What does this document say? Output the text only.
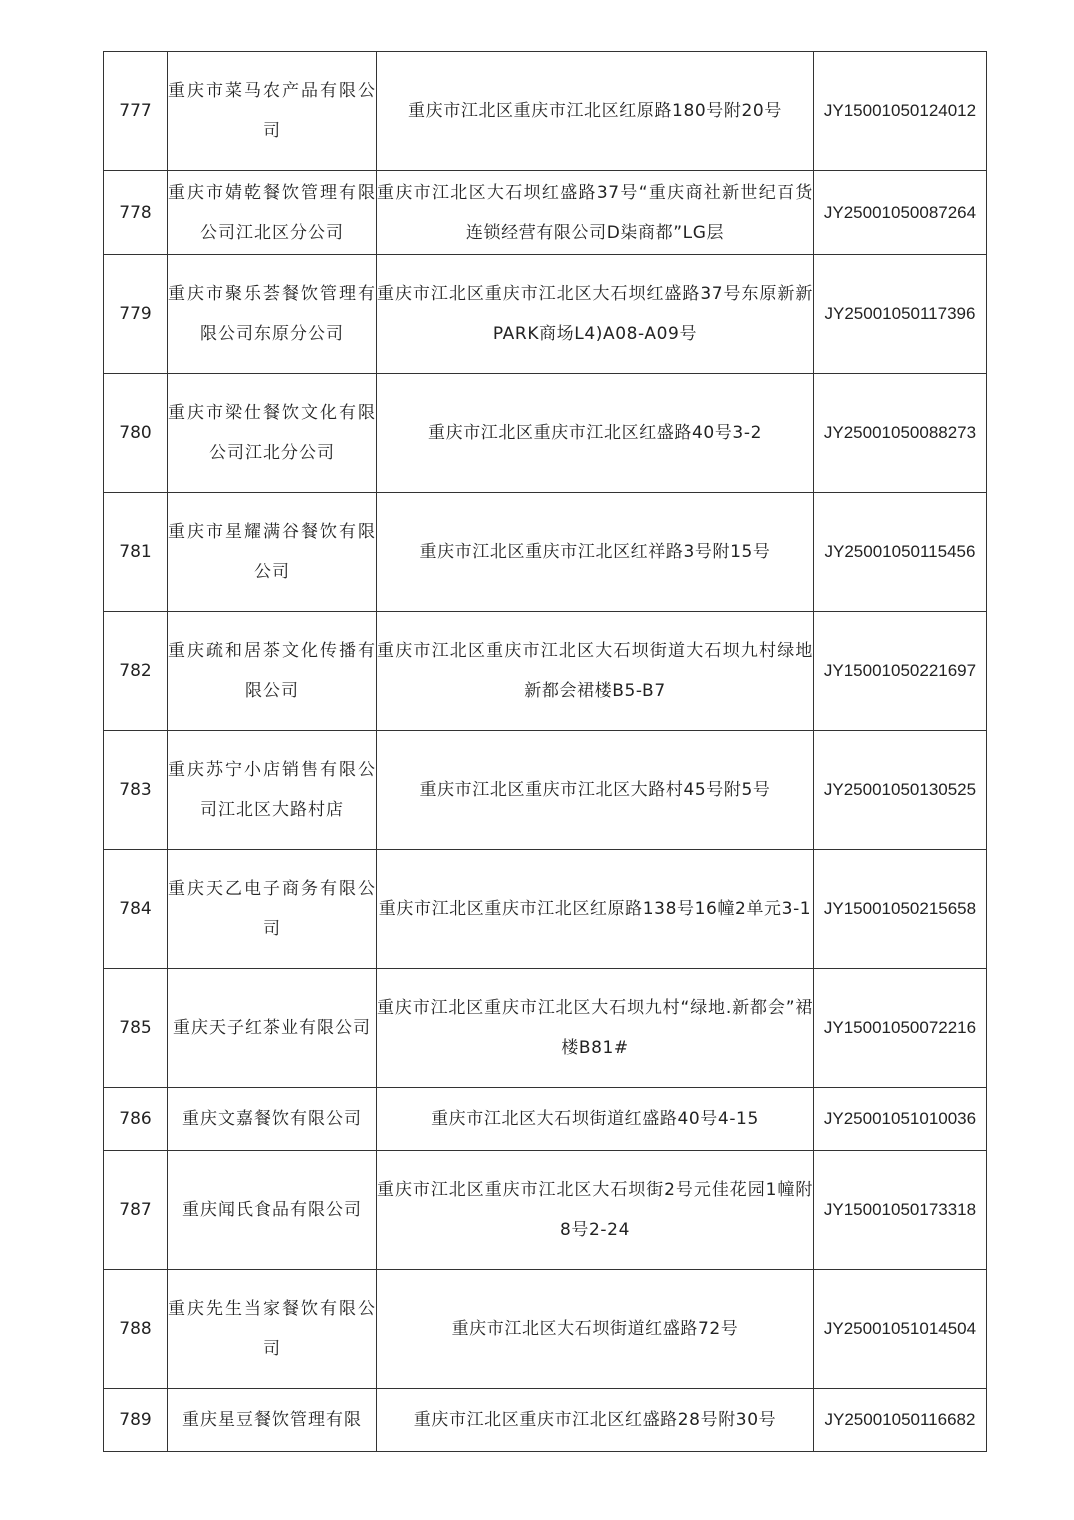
777	重庆市菜马农产品有限公司	重庆市江北区重庆市江北区红原路180号附20号	JY15001050124012
778	重庆市婧乾餐饮管理有限公司江北区分公司	重庆市江北区大石坝红盛路37号“重庆商社新世纪百货连锁经营有限公司D柒商都”LG层	JY25001050087264
779	重庆市聚乐荟餐饮管理有限公司东原分公司	重庆市江北区重庆市江北区大石坝红盛路37号东原新新PARK商场L4)A08-A09号	JY25001050117396
780	重庆市梁仕餐饮文化有限公司江北分公司	重庆市江北区重庆市江北区红盛路40号3-2	JY25001050088273
781	重庆市星耀满谷餐饮有限公司	重庆市江北区重庆市江北区红祥路3号附15号	JY25001050115456
782	重庆疏和居茶文化传播有限公司	重庆市江北区重庆市江北区大石坝街道大石坝九村绿地新都会裙楼B5-B7	JY15001050221697
783	重庆苏宁小店销售有限公司江北区大路村店	重庆市江北区重庆市江北区大路村45号附5号	JY25001050130525
784	重庆天乙电子商务有限公司	重庆市江北区重庆市江北区红原路138号16幢2单元3-1	JY15001050215658
785	重庆天子红茶业有限公司	重庆市江北区重庆市江北区大石坝九村“绿地.新都会”裙楼B81#	JY15001050072216
786	重庆文嘉餐饮有限公司	重庆市江北区大石坝街道红盛路40号4-15	JY25001051010036
787	重庆闻氏食品有限公司	重庆市江北区重庆市江北区大石坝街2号元佳花园1幢附8号2-24	JY15001050173318
788	重庆先生当家餐饮有限公司	重庆市江北区大石坝街道红盛路72号	JY25001051014504
789	重庆星豆餐饮管理有限	重庆市江北区重庆市江北区红盛路28号附30号	JY25001050116682
